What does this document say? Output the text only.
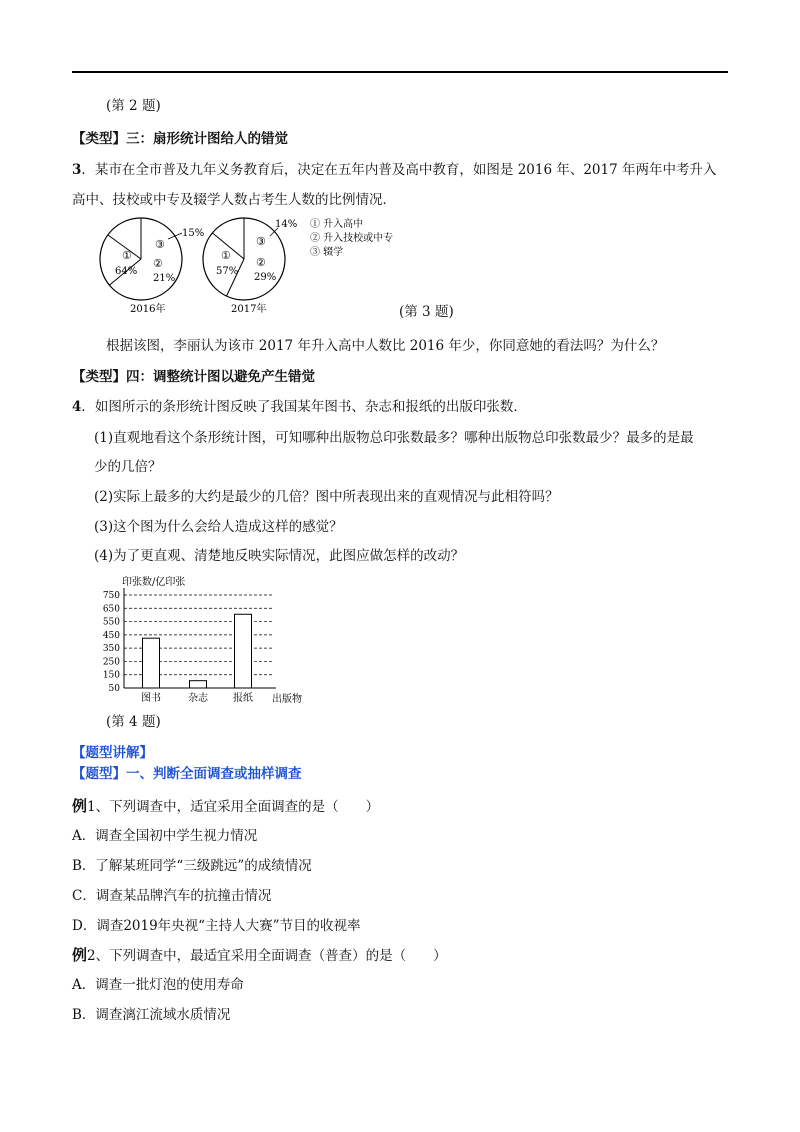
(第 2 题)
【类型】三：扇形统计图给人的错觉
3．某市在全市普及九年义务教育后，决定在五年内普及高中教育，如图是 2016 年、2017 年两年中考升入
高中、技校或中专及辍学人数占考生人数的比例情况．
①
64%
②
21%
③
15%
2016年
①
57%
②
29%
③
14%
2017年
① 升入高中
② 升入技校或中专
③ 辍学
(第 3 题)
根据该图，李丽认为该市 2017 年升入高中人数比 2016 年少，你同意她的看法吗？为什么？
【类型】四：调整统计图以避免产生错觉
4．如图所示的条形统计图反映了我国某年图书、杂志和报纸的出版印张数．
(1)直观地看这个条形统计图，可知哪种出版物总印张数最多？哪种出版物总印张数最少？最多的是最
少的几倍？
(2)实际上最多的大约是最少的几倍？图中所表现出来的直观情况与此相符吗？
(3)这个图为什么会给人造成这样的感觉？
(4)为了更直观、清楚地反映实际情况，此图应做怎样的改动？
印张数/亿印张
50
150
250
350
450
550
650
750
图书	杂志	报纸 出版物
(第 4 题)
【题型讲解】
【题型】一、判断全面调查或抽样调查
例1、下列调查中，适宜采用全面调查的是（　　）
A．调查全国初中学生视力情况
B．了解某班同学“三级跳远”的成绩情况
C．调查某品牌汽车的抗撞击情况
D．调查2019年央视“主持人大赛”节目的收视率
例2、下列调查中，最适宜采用全面调查（普查）的是（　　）
A．调查一批灯泡的使用寿命
B．调查漓江流域水质情况
